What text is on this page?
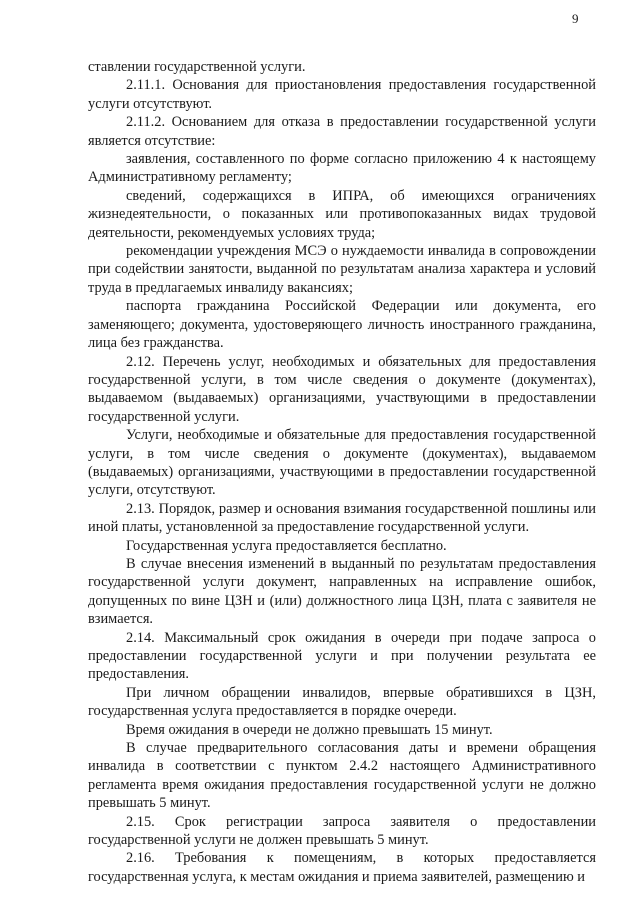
9

ставлении государственной услуги.

2.11.1. Основания для приостановления предоставления государственной услуги отсутствуют.

2.11.2. Основанием для отказа в предоставлении государственной услуги является отсутствие:

заявления, составленного по форме согласно приложению 4 к настоящему Административному регламенту;

сведений, содержащихся в ИПРА, об имеющихся ограничениях жизнедеятельности, о показанных или противопоказанных видах трудовой деятельности, рекомендуемых условиях труда;

рекомендации учреждения МСЭ о нуждаемости инвалида в сопровождении при содействии занятости, выданной по результатам анализа характера и условий труда в предлагаемых инвалиду вакансиях;

паспорта гражданина Российской Федерации или документа, его заменяющего; документа, удостоверяющего личность иностранного гражданина, лица без гражданства.

2.12. Перечень услуг, необходимых и обязательных для предоставления государственной услуги, в том числе сведения о документе (документах), выдаваемом (выдаваемых) организациями, участвующими в предоставлении государственной услуги.

Услуги, необходимые и обязательные для предоставления государственной услуги, в том числе сведения о документе (документах), выдаваемом (выдаваемых) организациями, участвующими в предоставлении государственной услуги, отсутствуют.

2.13. Порядок, размер и основания взимания государственной пошлины или иной платы, установленной за предоставление государственной услуги.

Государственная услуга предоставляется бесплатно.

В случае внесения изменений в выданный по результатам предоставления государственной услуги документ, направленных на исправление ошибок, допущенных по вине ЦЗН и (или) должностного лица ЦЗН, плата с заявителя не взимается.

2.14. Максимальный срок ожидания в очереди при подаче запроса о предоставлении государственной услуги и при получении результата ее предоставления.

При личном обращении инвалидов, впервые обратившихся в ЦЗН, государственная услуга предоставляется в порядке очереди.

Время ожидания в очереди не должно превышать 15 минут.

В случае предварительного согласования даты и времени обращения инвалида в соответствии с пунктом 2.4.2 настоящего Административного регламента время ожидания предоставления государственной услуги не должно превышать 5 минут.

2.15. Срок регистрации запроса заявителя о предоставлении государственной услуги не должен превышать 5 минут.

2.16. Требования к помещениям, в которых предоставляется государственная услуга, к местам ожидания и приема заявителей, размещению и
